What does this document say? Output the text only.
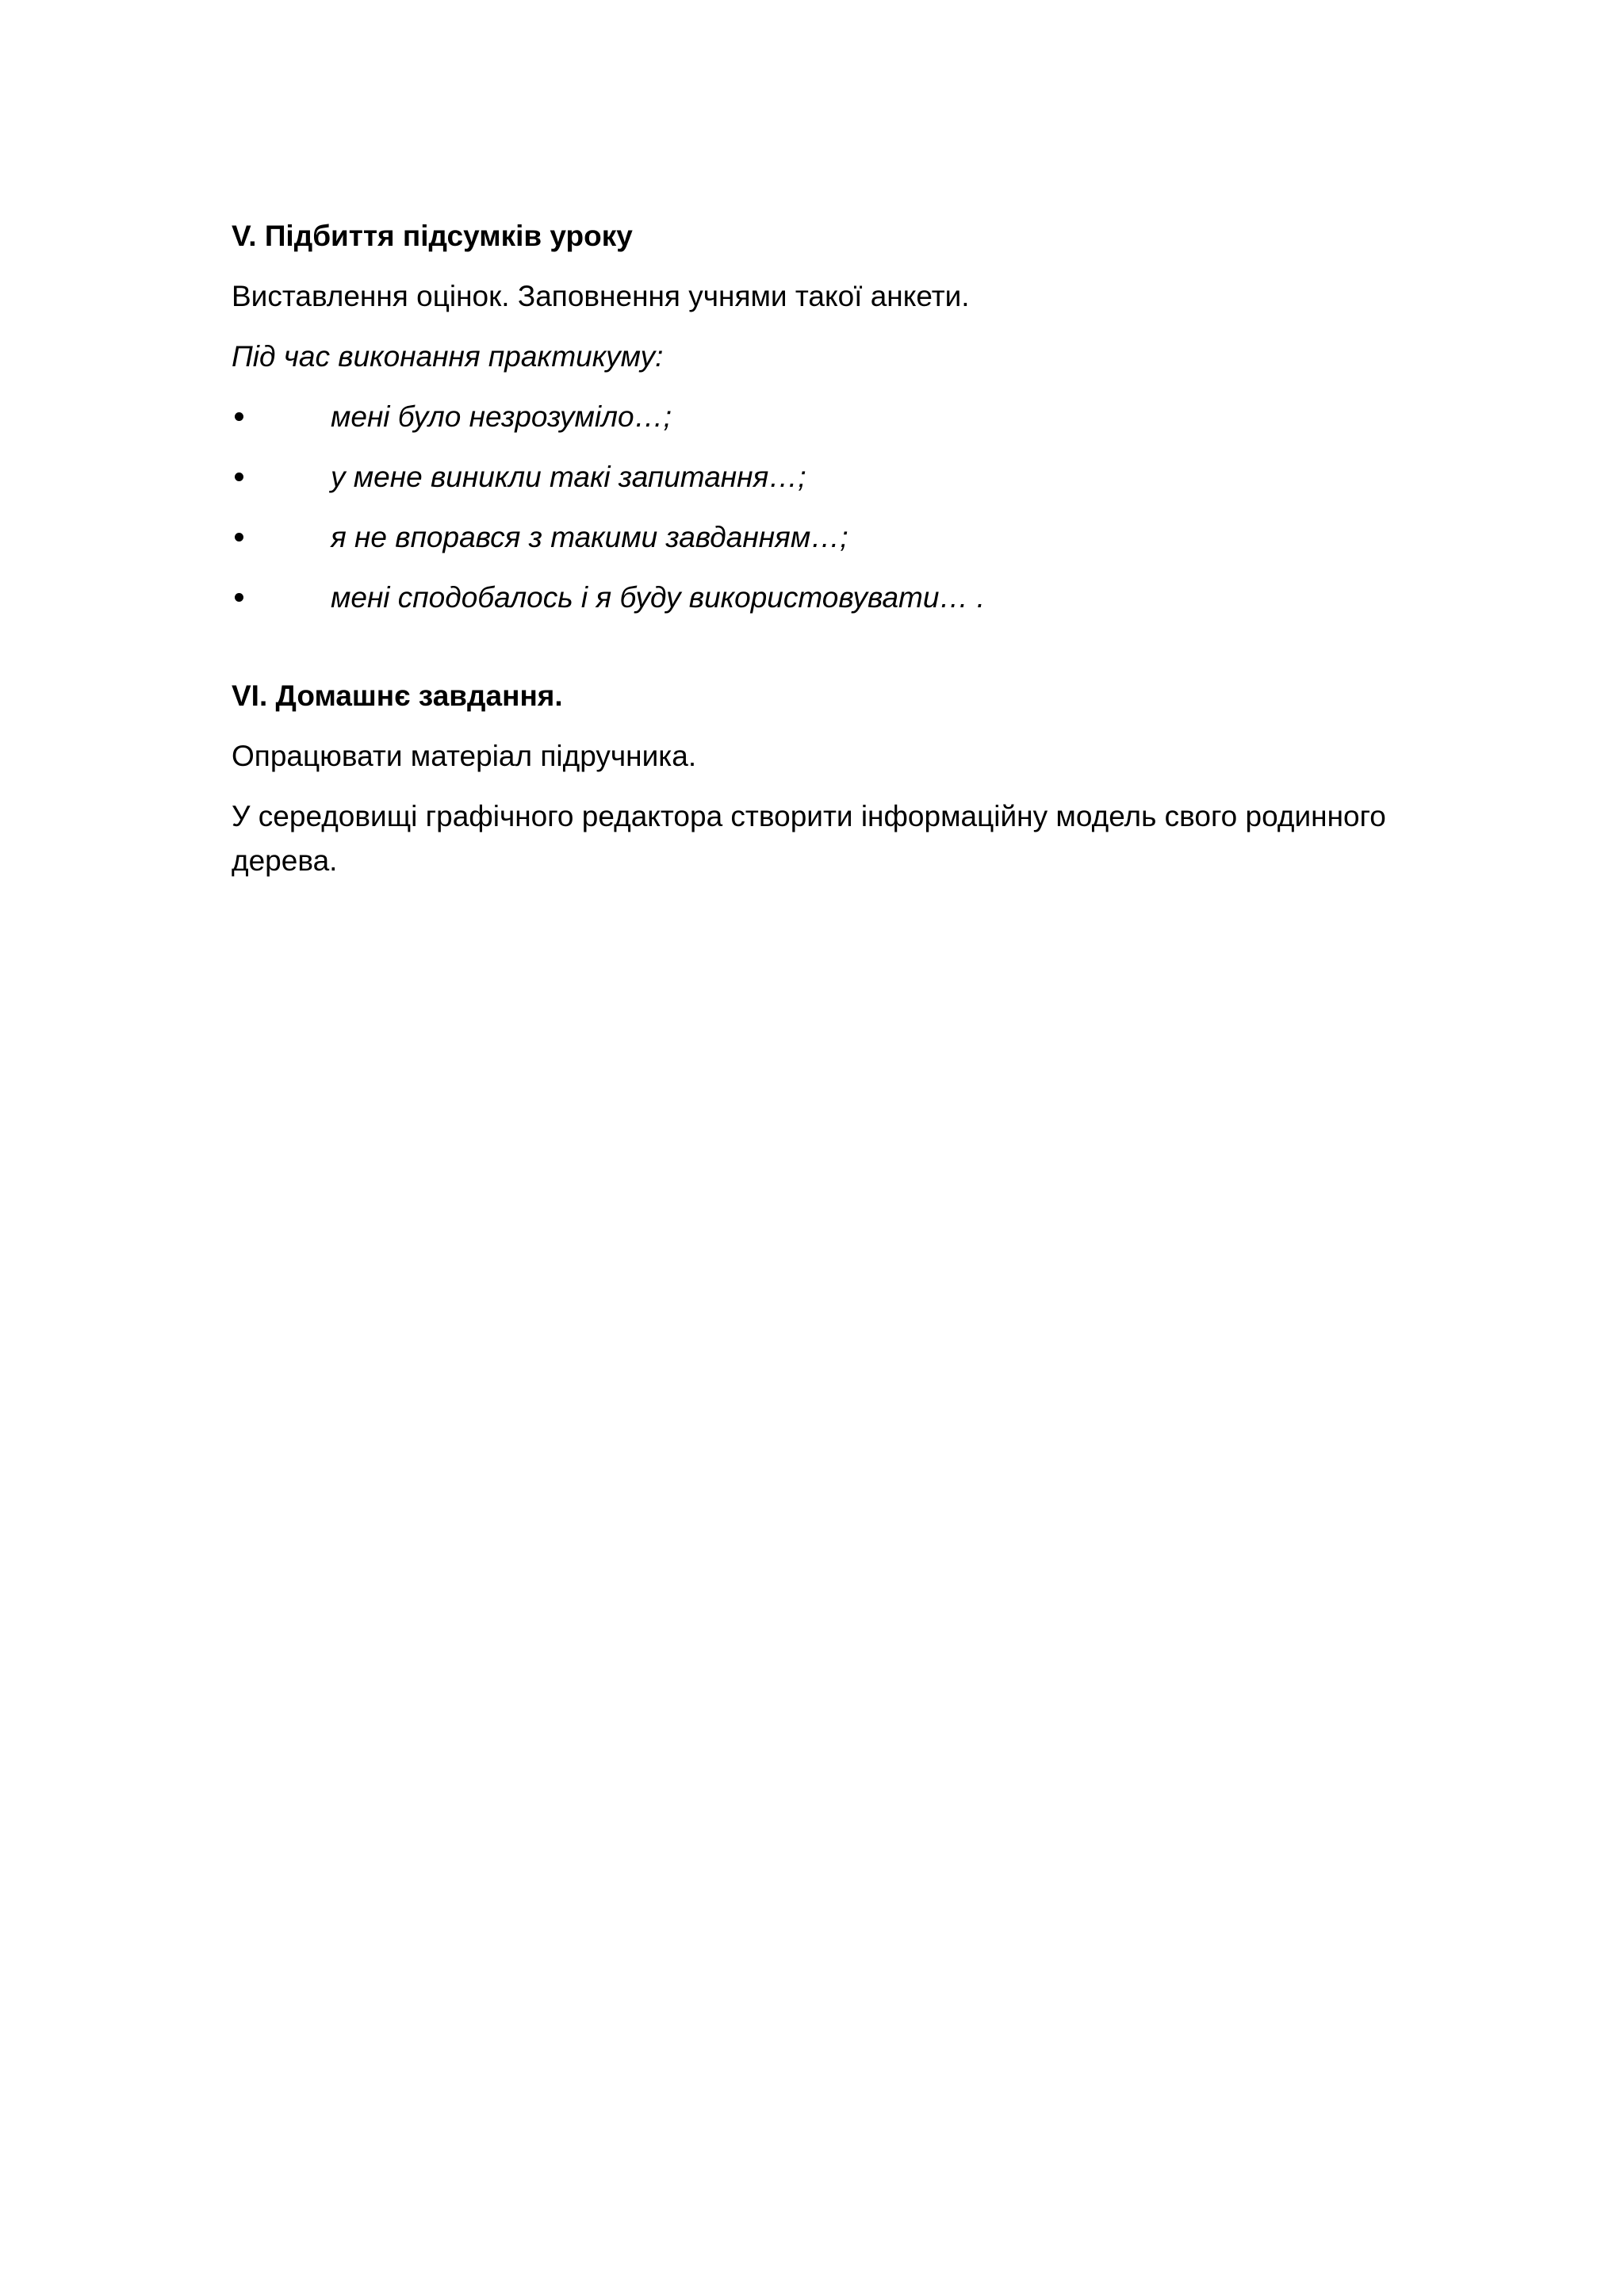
V. Підбиття підсумків уроку
Виставлення оцінок. Заповнення учнями такої анкети.
Під час виконання практикуму:
мені було незрозуміло…;
у мене виникли такі запитання…;
я не впорався з такими завданням…;
мені сподобалось і я буду використовувати… .
VI. Домашнє завдання.
Опрацювати матеріал підручника.
У середовищі графічного редактора створити інформаційну модель свого родинного дерева.
